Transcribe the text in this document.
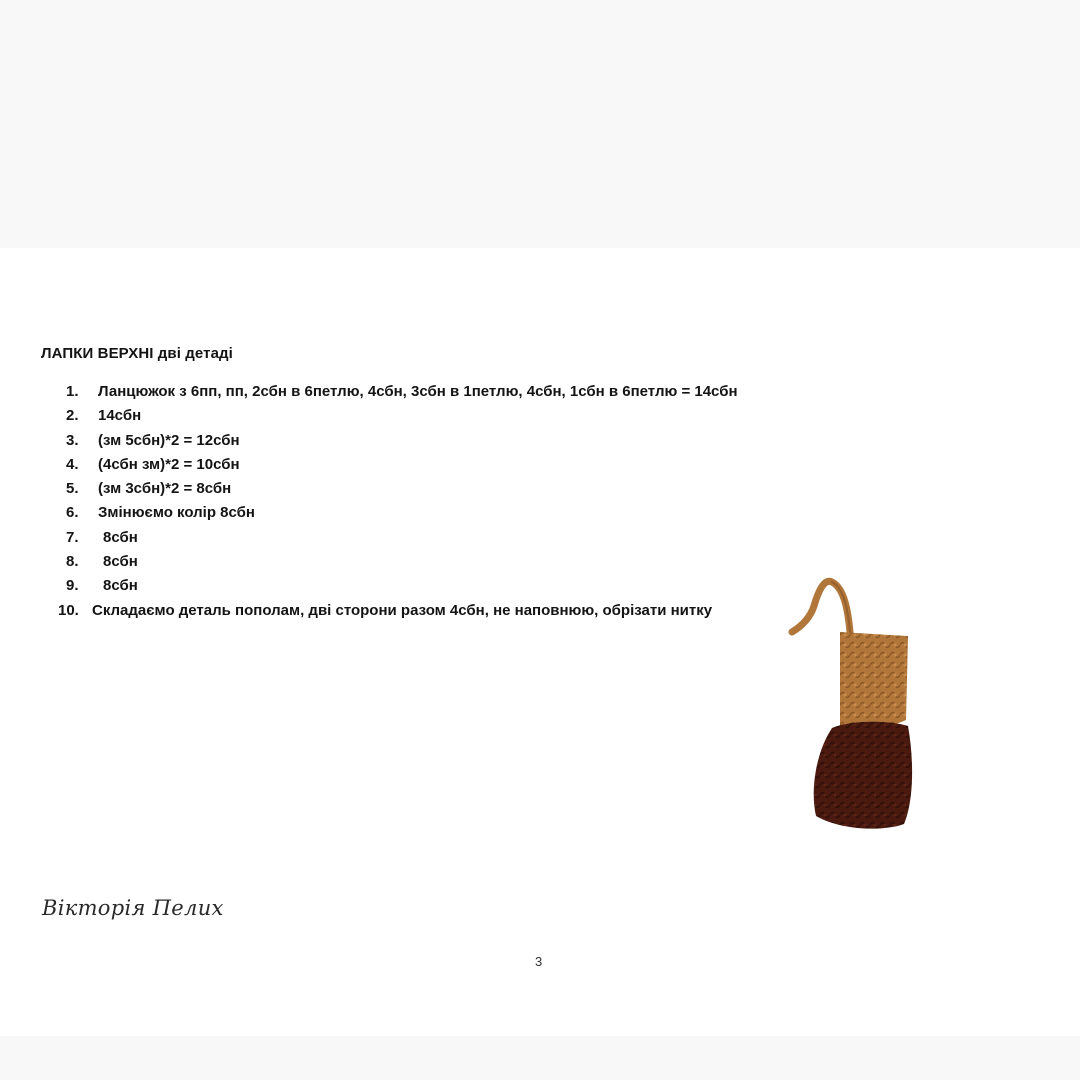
ЛАПКИ ВЕРХНІ дві детаді
1. Ланцюжок з 6пп, пп, 2сбн в 6петлю, 4сбн, 3сбн в 1петлю, 4сбн, 1сбн в 6петлю = 14сбн
2. 14сбн
3. (зм 5сбн)*2 = 12сбн
4. (4сбн зм)*2 = 10сбн
5. (зм 3сбн)*2 = 8сбн
6. Змінюємо колір 8сбн
7. 8сбн
8. 8сбн
9. 8сбн
10. Складаємо деталь пополам, дві сторони разом 4сбн, не наповнюю, обрізати нитку
Вікторія Пелих
3
